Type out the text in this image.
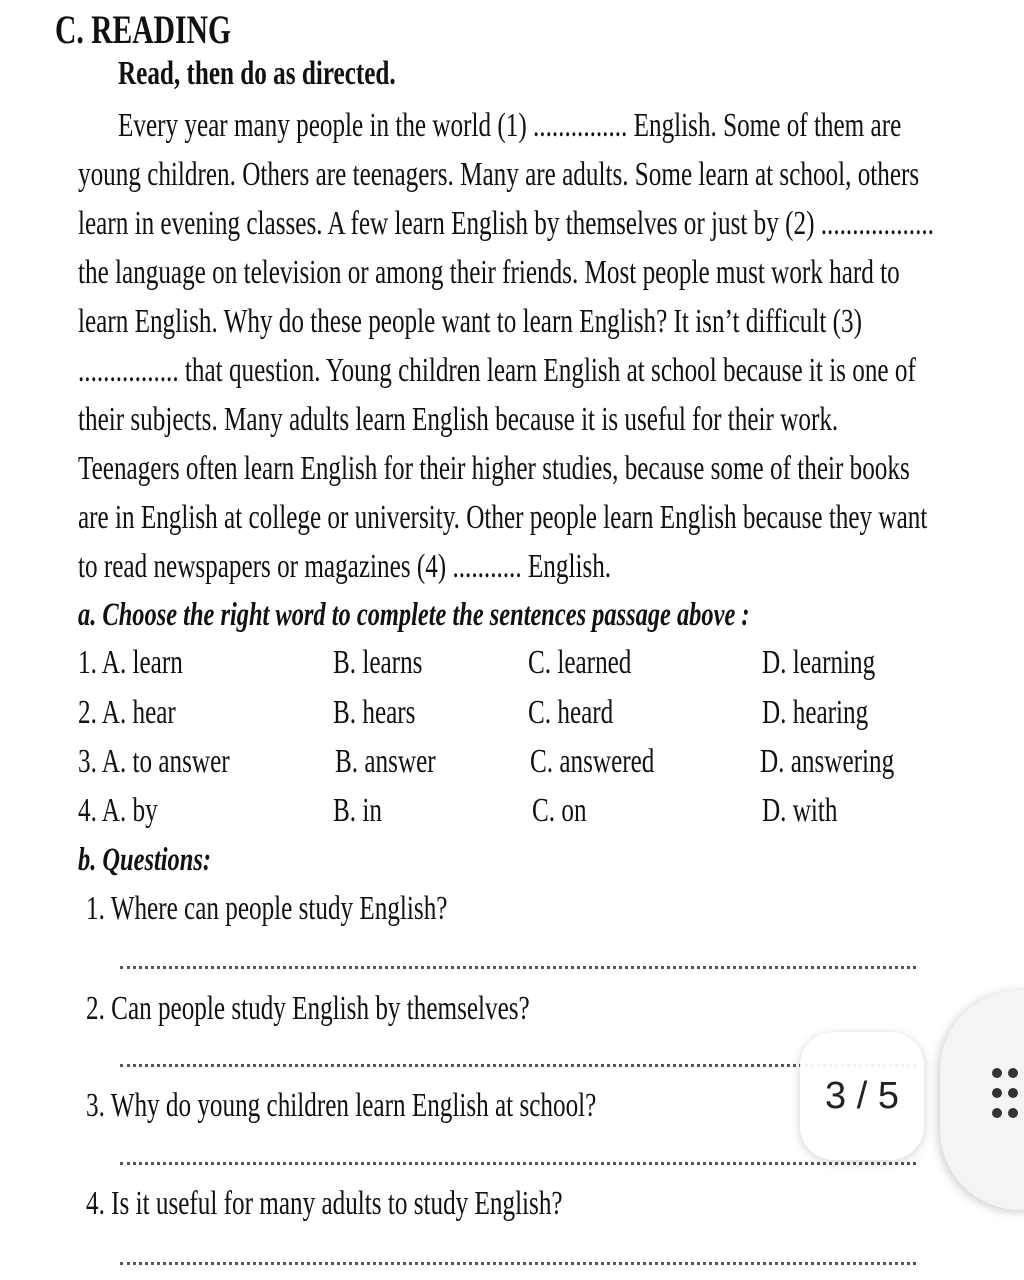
C. READING
Read, then do as directed.
Every year many people in the world (1) ............... English. Some of them are
young children. Others are teenagers. Many are adults. Some learn at school, others
learn in evening classes. A few learn English by themselves or just by (2) ..................
the language on television or among their friends. Most people must work hard to
learn English. Why do these people want to learn English? It isn’t difficult (3)
................ that question. Young children learn English at school because it is one of
their subjects. Many adults learn English because it is useful for their work.
Teenagers often learn English for their higher studies, because some of their books
are in English at college or university. Other people learn English because they want
to read newspapers or magazines (4) ........... English.
a. Choose the right word to complete the sentences passage above :
1. A. learn	B. learns	C. learned	D. learning
2. A. hear	B. hears	C. heard	D. hearing
3. A. to answer	B. answer	C. answered	D. answering
4. A. by	B. in	C. on	D. with
b. Questions:
1. Where can people study English?
2. Can people study English by themselves?
3. Why do young children learn English at school?
4. Is it useful for many adults to study English?
3 / 5
